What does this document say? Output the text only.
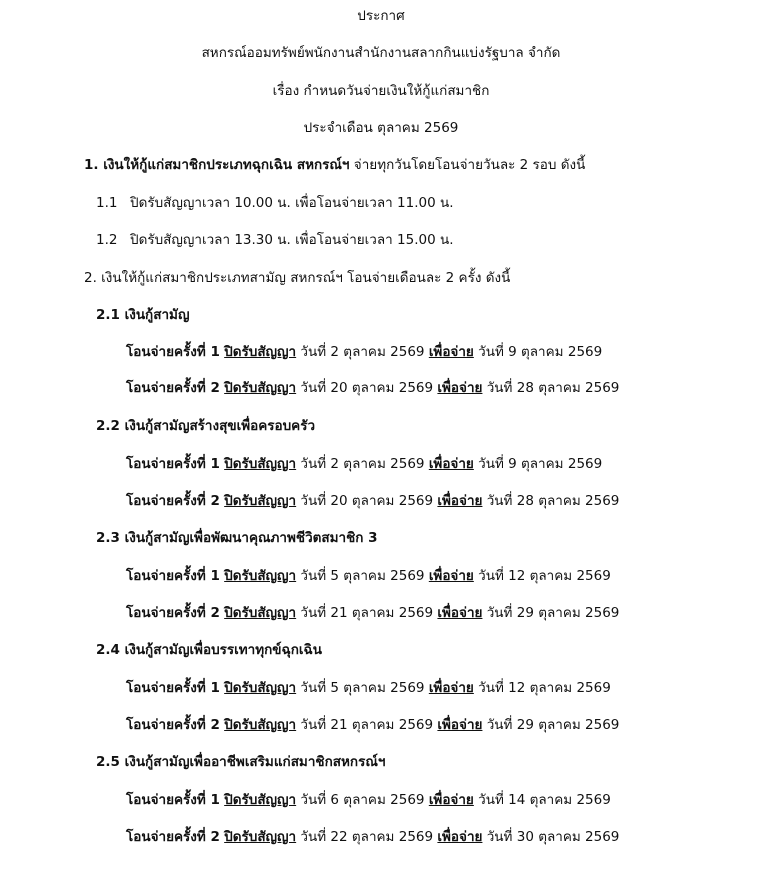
ประกาศ
สหกรณ์ออมทรัพย์พนักงานสำนักงานสลากกินแบ่งรัฐบาล จำกัด
เรื่อง กำหนดวันจ่ายเงินให้กู้แก่สมาชิก
ประจำเดือน ตุลาคม 2569
1. เงินให้กู้แก่สมาชิกประเภทฉุกเฉิน สหกรณ์ฯ จ่ายทุกวันโดยโอนจ่ายวันละ 2 รอบ ดังนี้
1.1 ปิดรับสัญญาเวลา 10.00 น. เพื่อโอนจ่ายเวลา 11.00 น.
1.2 ปิดรับสัญญาเวลา 13.30 น. เพื่อโอนจ่ายเวลา 15.00 น.
2. เงินให้กู้แก่สมาชิกประเภทสามัญ สหกรณ์ฯ โอนจ่ายเดือนละ 2 ครั้ง ดังนี้
2.1 เงินกู้สามัญ
โอนจ่ายครั้งที่ 1 ปิดรับสัญญา วันที่ 2 ตุลาคม 2569 เพื่อจ่าย วันที่ 9 ตุลาคม 2569
โอนจ่ายครั้งที่ 2 ปิดรับสัญญา วันที่ 20 ตุลาคม 2569 เพื่อจ่าย วันที่ 28 ตุลาคม 2569
2.2 เงินกู้สามัญสร้างสุขเพื่อครอบครัว
โอนจ่ายครั้งที่ 1 ปิดรับสัญญา วันที่ 2 ตุลาคม 2569 เพื่อจ่าย วันที่ 9 ตุลาคม 2569
โอนจ่ายครั้งที่ 2 ปิดรับสัญญา วันที่ 20 ตุลาคม 2569 เพื่อจ่าย วันที่ 28 ตุลาคม 2569
2.3 เงินกู้สามัญเพื่อพัฒนาคุณภาพชีวิตสมาชิก 3
โอนจ่ายครั้งที่ 1 ปิดรับสัญญา วันที่ 5 ตุลาคม 2569 เพื่อจ่าย วันที่ 12 ตุลาคม 2569
โอนจ่ายครั้งที่ 2 ปิดรับสัญญา วันที่ 21 ตุลาคม 2569 เพื่อจ่าย วันที่ 29 ตุลาคม 2569
2.4 เงินกู้สามัญเพื่อบรรเทาทุกข์ฉุกเฉิน
โอนจ่ายครั้งที่ 1 ปิดรับสัญญา วันที่ 5 ตุลาคม 2569 เพื่อจ่าย วันที่ 12 ตุลาคม 2569
โอนจ่ายครั้งที่ 2 ปิดรับสัญญา วันที่ 21 ตุลาคม 2569 เพื่อจ่าย วันที่ 29 ตุลาคม 2569
2.5 เงินกู้สามัญเพื่ออาชีพเสริมแก่สมาชิกสหกรณ์ฯ
โอนจ่ายครั้งที่ 1 ปิดรับสัญญา วันที่ 6 ตุลาคม 2569 เพื่อจ่าย วันที่ 14 ตุลาคม 2569
โอนจ่ายครั้งที่ 2 ปิดรับสัญญา วันที่ 22 ตุลาคม 2569 เพื่อจ่าย วันที่ 30 ตุลาคม 2569
